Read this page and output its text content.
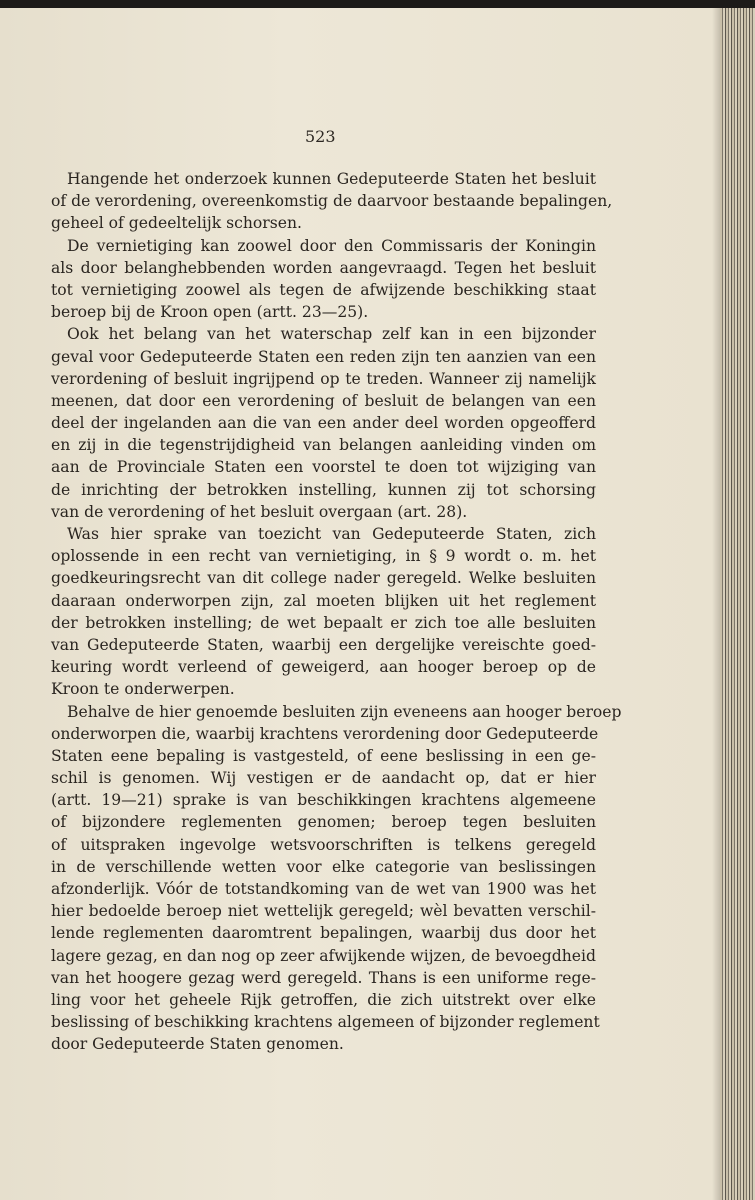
523

Hangende het onderzoek kunnen Gedeputeerde Staten het besluit
of de verordening, overeenkomstig de daarvoor bestaande bepalingen,
geheel of gedeeltelijk schorsen.
De vernietiging kan zoowel door den Commissaris der Koningin
als door belanghebbenden worden aangevraagd. Tegen het besluit
tot vernietiging zoowel als tegen de afwijzende beschikking staat
beroep bij de Kroon open (artt. 23—25).
Ook het belang van het waterschap zelf kan in een bijzonder
geval voor Gedeputeerde Staten een reden zijn ten aanzien van een
verordening of besluit ingrijpend op te treden. Wanneer zij namelijk
meenen, dat door een verordening of besluit de belangen van een
deel der ingelanden aan die van een ander deel worden opgeofferd
en zij in die tegenstrijdigheid van belangen aanleiding vinden om
aan de Provinciale Staten een voorstel te doen tot wijziging van
de inrichting der betrokken instelling, kunnen zij tot schorsing
van de verordening of het besluit overgaan (art. 28).
Was hier sprake van toezicht van Gedeputeerde Staten, zich
oplossende in een recht van vernietiging, in § 9 wordt o. m. het
goedkeuringsrecht van dit college nader geregeld. Welke besluiten
daaraan onderworpen zijn, zal moeten blijken uit het reglement
der betrokken instelling; de wet bepaalt er zich toe alle besluiten
van Gedeputeerde Staten, waarbij een dergelijke vereischte goed-
keuring wordt verleend of geweigerd, aan hooger beroep op de
Kroon te onderwerpen.
Behalve de hier genoemde besluiten zijn eveneens aan hooger beroep
onderworpen die, waarbij krachtens verordening door Gedeputeerde
Staten eene bepaling is vastgesteld, of eene beslissing in een ge-
schil is genomen. Wij vestigen er de aandacht op, dat er hier
(artt. 19—21) sprake is van beschikkingen krachtens algemeene
of bijzondere reglementen genomen; beroep tegen besluiten
of uitspraken ingevolge wetsvoorschriften is telkens geregeld
in de verschillende wetten voor elke categorie van beslissingen
afzonderlijk. Vóór de totstandkoming van de wet van 1900 was het
hier bedoelde beroep niet wettelijk geregeld; wèl bevatten verschil-
lende reglementen daaromtrent bepalingen, waarbij dus door het
lagere gezag, en dan nog op zeer afwijkende wijzen, de bevoegdheid
van het hoogere gezag werd geregeld. Thans is een uniforme rege-
ling voor het geheele Rijk getroffen, die zich uitstrekt over elke
beslissing of beschikking krachtens algemeen of bijzonder reglement
door Gedeputeerde Staten genomen.
